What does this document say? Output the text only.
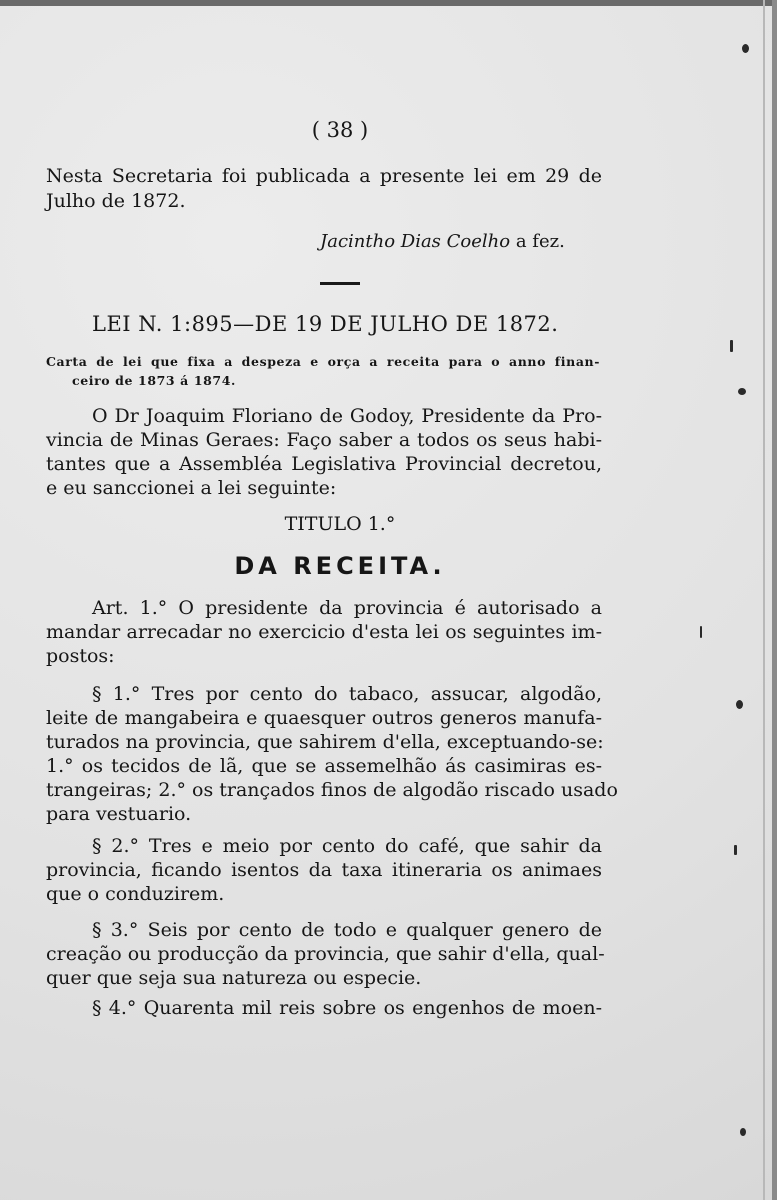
( 38 )
Nesta Secretaria foi publicada a presente lei em 29 de
Julho de 1872.
Jacintho Dias Coelho a fez.
LEI N. 1:895—DE 19 DE JULHO DE 1872.
Carta de lei que fixa a despeza e orça a receita para o anno finan-
ceiro de 1873 á 1874.
O Dr Joaquim Floriano de Godoy, Presidente da Pro-
vincia de Minas Geraes: Faço saber a todos os seus habi-
tantes que a Assembléa Legislativa Provincial decretou,
e eu sanccionei a lei seguinte:
TITULO 1.°
DA RECEITA.
Art. 1.° O presidente da provincia é autorisado a
mandar arrecadar no exercicio d'esta lei os seguintes im-
postos:
§ 1.° Tres por cento do tabaco, assucar, algodão,
leite de mangabeira e quaesquer outros generos manufa-
turados na provincia, que sahirem d'ella, exceptuando-se:
1.° os tecidos de lã, que se assemelhão ás casimiras es-
trangeiras; 2.° os trançados finos de algodão riscado usado
para vestuario.
§ 2.° Tres e meio por cento do café, que sahir da
provincia, ficando isentos da taxa itineraria os animaes
que o conduzirem.
§ 3.° Seis por cento de todo e qualquer genero de
creação ou producção da provincia, que sahir d'ella, qual-
quer que seja sua natureza ou especie.
§ 4.° Quarenta mil reis sobre os engenhos de moen-
